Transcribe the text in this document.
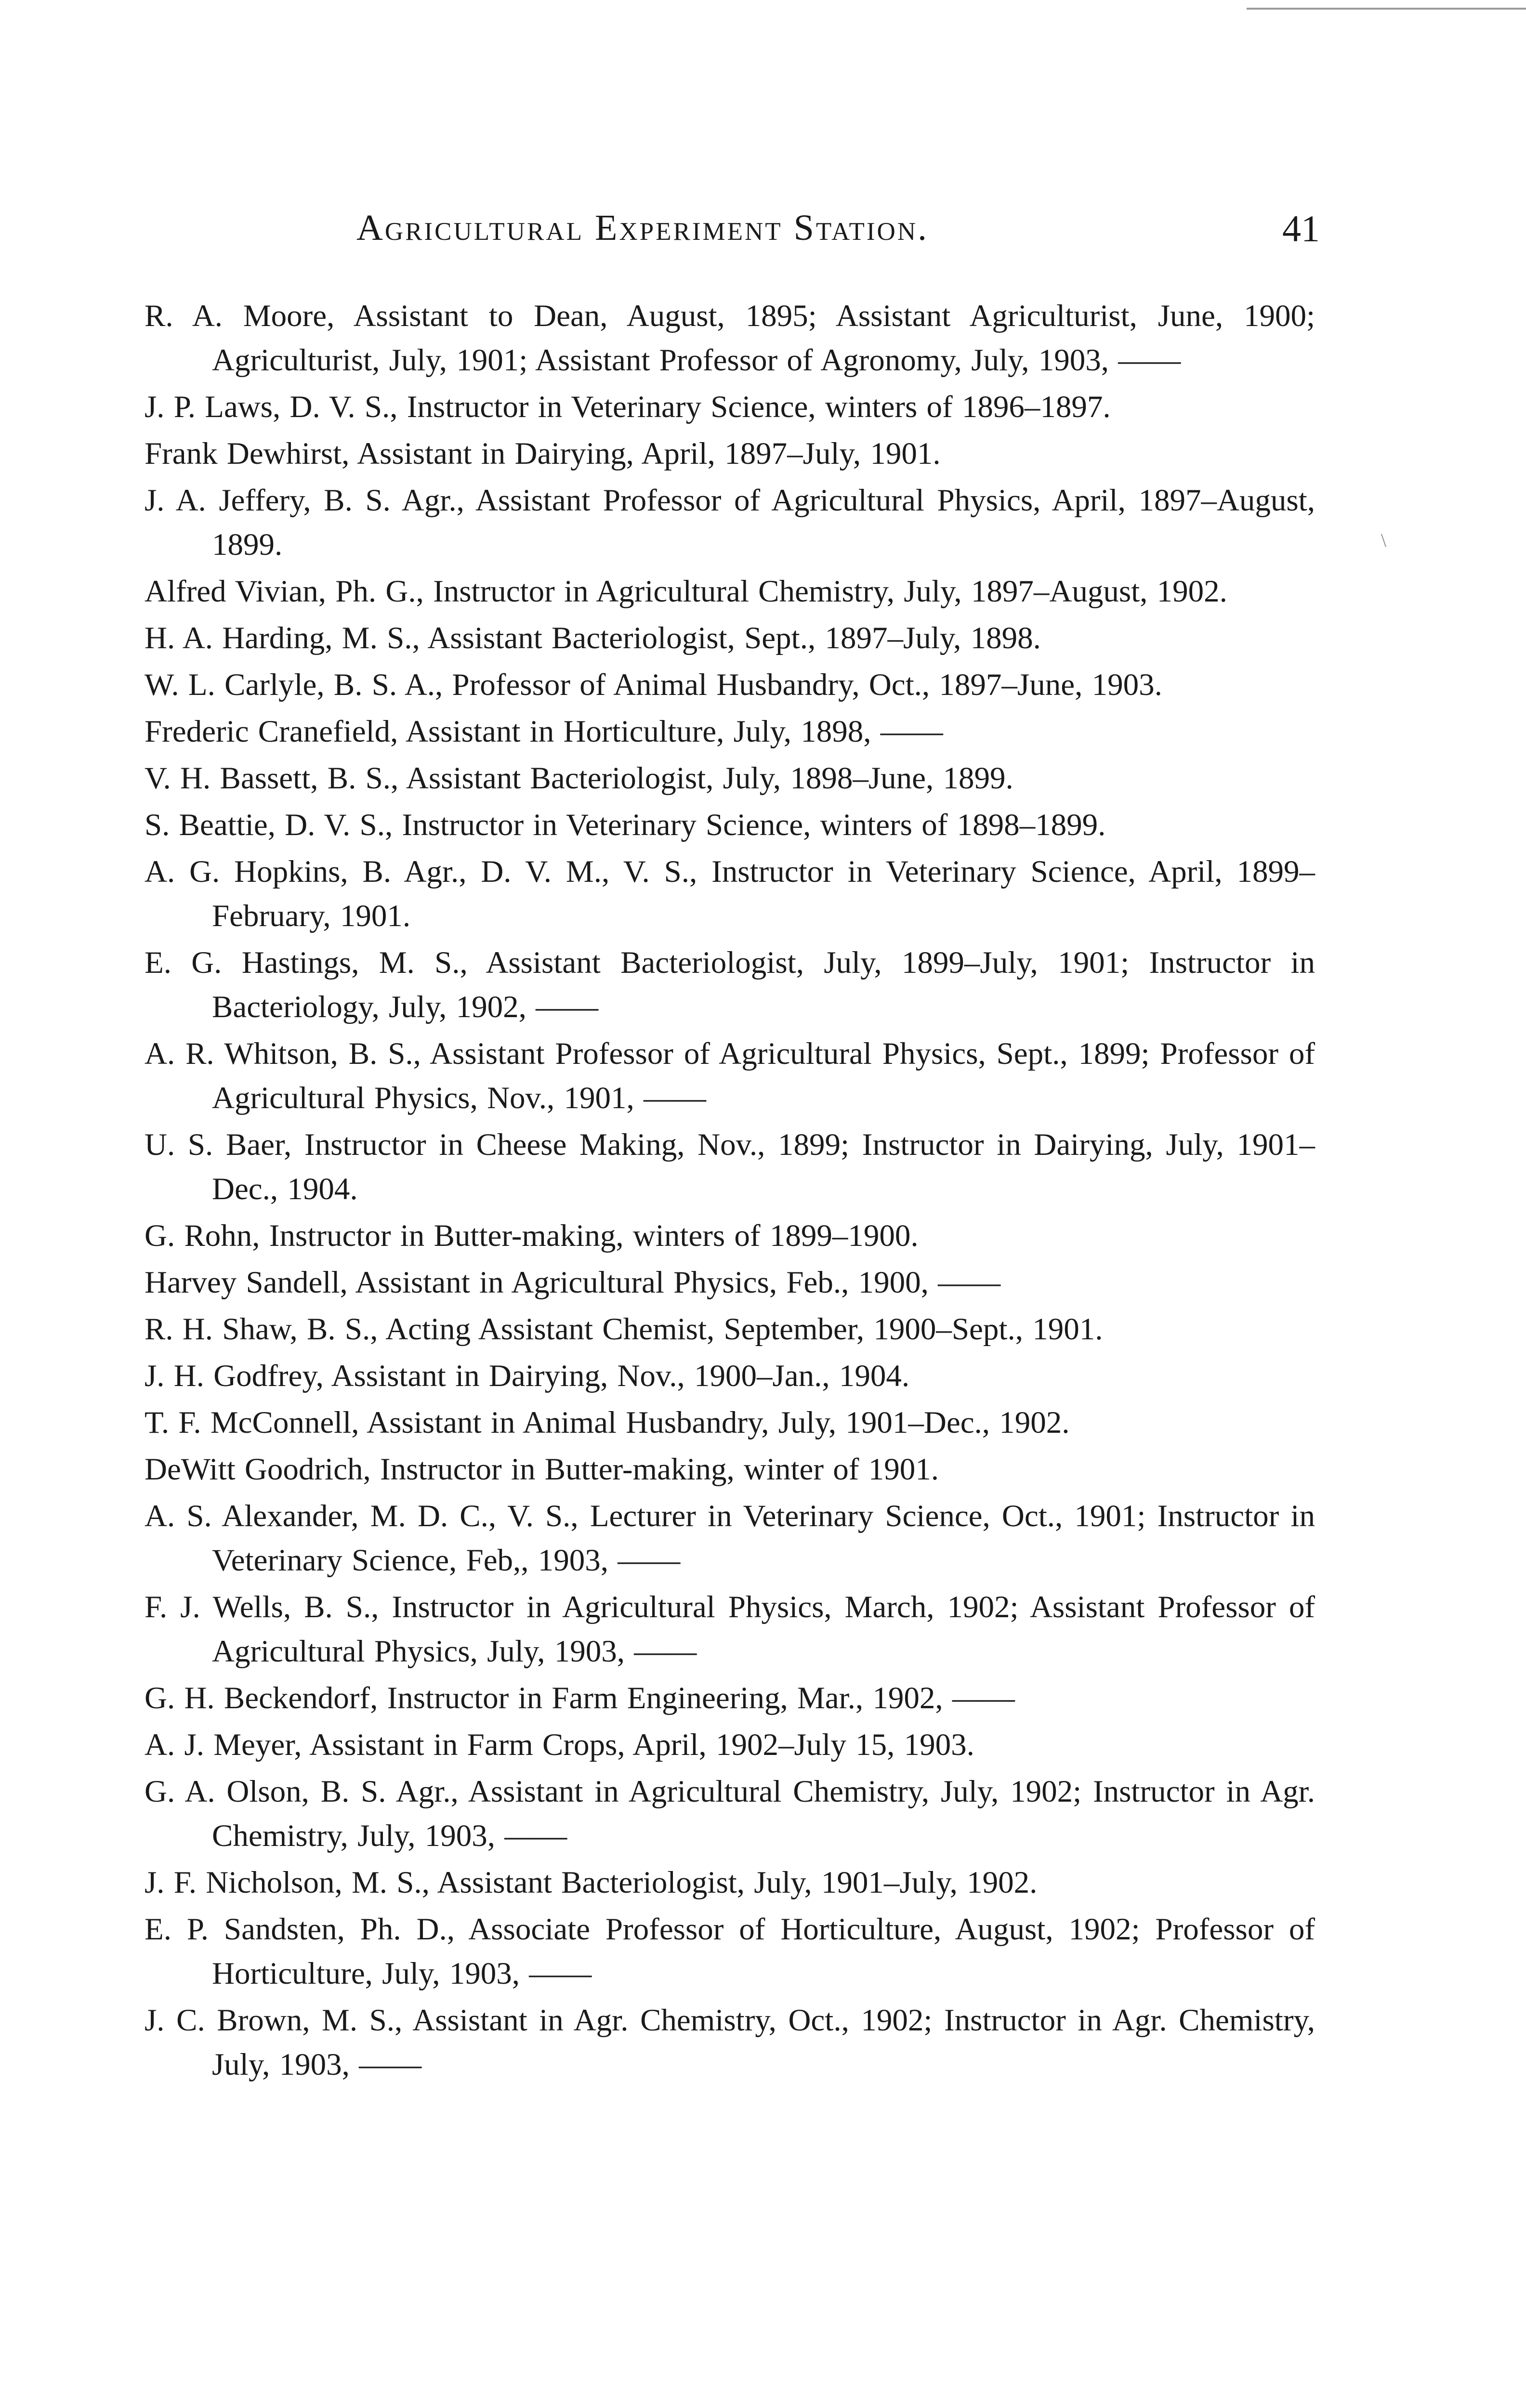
Agricultural Experiment Station.	41
\
R. A. Moore, Assistant to Dean, August, 1895; Assistant Agriculturist, June, 1900; Agriculturist, July, 1901; Assistant Professor of Agronomy, July, 1903, ——
J. P. Laws, D. V. S., Instructor in Veterinary Science, winters of 1896–1897.
Frank Dewhirst, Assistant in Dairying, April, 1897–July, 1901.
J. A. Jeffery, B. S. Agr., Assistant Professor of Agricultural Physics, April, 1897–August, 1899.
Alfred Vivian, Ph. G., Instructor in Agricultural Chemistry, July, 1897–August, 1902.
H. A. Harding, M. S., Assistant Bacteriologist, Sept., 1897–July, 1898.
W. L. Carlyle, B. S. A., Professor of Animal Husbandry, Oct., 1897–June, 1903.
Frederic Cranefield, Assistant in Horticulture, July, 1898, ——
V. H. Bassett, B. S., Assistant Bacteriologist, July, 1898–June, 1899.
S. Beattie, D. V. S., Instructor in Veterinary Science, winters of 1898–1899.
A. G. Hopkins, B. Agr., D. V. M., V. S., Instructor in Veterinary Science, April, 1899–February, 1901.
E. G. Hastings, M. S., Assistant Bacteriologist, July, 1899–July, 1901; Instructor in Bacteriology, July, 1902, ——
A. R. Whitson, B. S., Assistant Professor of Agricultural Physics, Sept., 1899; Professor of Agricultural Physics, Nov., 1901, ——
U. S. Baer, Instructor in Cheese Making, Nov., 1899; Instructor in Dairying, July, 1901–Dec., 1904.
G. Rohn, Instructor in Butter-making, winters of 1899–1900.
Harvey Sandell, Assistant in Agricultural Physics, Feb., 1900, ——
R. H. Shaw, B. S., Acting Assistant Chemist, September, 1900–Sept., 1901.
J. H. Godfrey, Assistant in Dairying, Nov., 1900–Jan., 1904.
T. F. McConnell, Assistant in Animal Husbandry, July, 1901–Dec., 1902.
DeWitt Goodrich, Instructor in Butter-making, winter of 1901.
A. S. Alexander, M. D. C., V. S., Lecturer in Veterinary Science, Oct., 1901; Instructor in Veterinary Science, Feb,, 1903, ——
F. J. Wells, B. S., Instructor in Agricultural Physics, March, 1902; Assistant Professor of Agricultural Physics, July, 1903, ——
G. H. Beckendorf, Instructor in Farm Engineering, Mar., 1902, ——
A. J. Meyer, Assistant in Farm Crops, April, 1902–July 15, 1903.
G. A. Olson, B. S. Agr., Assistant in Agricultural Chemistry, July, 1902; Instructor in Agr. Chemistry, July, 1903, ——
J. F. Nicholson, M. S., Assistant Bacteriologist, July, 1901–July, 1902.
E. P. Sandsten, Ph. D., Associate Professor of Horticulture, August, 1902; Professor of Horticulture, July, 1903, ——
J. C. Brown, M. S., Assistant in Agr. Chemistry, Oct., 1902; Instructor in Agr. Chemistry, July, 1903, ——
